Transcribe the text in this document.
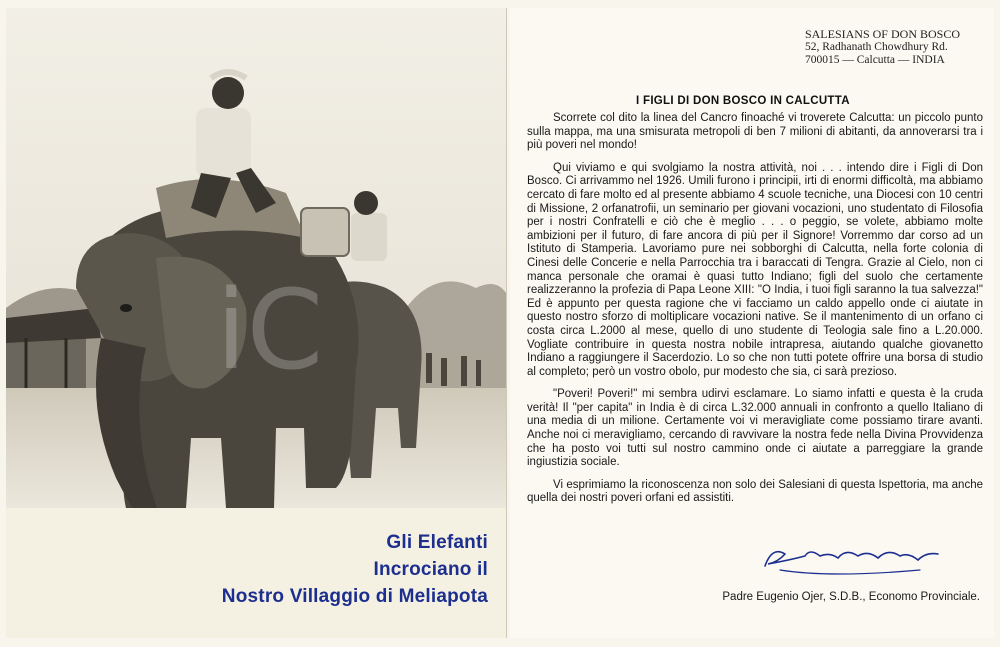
iC
Gli Elefanti
Incrociano il
Nostro Villaggio di Meliapota
SALESIANS OF DON BOSCO
52, Radhanath Chowdhury Rd.
700015 — Calcutta — INDIA
I FIGLI DI DON BOSCO IN CALCUTTA

Scorrete col dito la linea del Cancro finoaché vi troverete Calcutta: un piccolo punto sulla mappa, ma una smisurata metropoli di ben 7 milioni di abitanti, da annoverarsi tra i più poveri nel mondo!

Qui viviamo e qui svolgiamo la nostra attività, noi . . . intendo dire i Figli di Don Bosco. Ci arrivammo nel 1926. Umili furono i principii, irti di enormi difficoltà, ma abbiamo cercato di fare molto ed al presente abbiamo 4 scuole tecniche, una Diocesi con 10 centri di Missione, 2 orfanatrofii, un seminario per giovani vocazioni, uno studentato di Filosofia per i nostri Confratelli e ciò che è meglio . . . o peggio, se volete, abbiamo molte ambizioni per il futuro, di fare ancora di più per il Signore! Vorremmo dar corso ad un Istituto di Stamperia. Lavoriamo pure nei sobborghi di Calcutta, nella forte colonia di Cinesi delle Concerie e nella Parrocchia tra i baraccati di Tengra. Grazie al Cielo, non ci manca personale che oramai è quasi tutto Indiano; figli del suolo che certamente realizzeranno la profezia di Papa Leone XIII: "O India, i tuoi figli saranno la tua salvezza!" Ed è appunto per questa ragione che vi facciamo un caldo appello onde ci aiutate in questo nostro sforzo di moltiplicare vocazioni native. Se il mantenimento di un orfano ci costa circa L.2000 al mese, quello di uno studente di Teologia sale fino a L.20.000. Vogliate contribuire in questa nostra nobile intrapresa, aiutando qualche giovanetto Indiano a raggiungere il Sacerdozio. Lo so che non tutti potete offrire una borsa di studio al completo; però un vostro obolo, pur modesto che sia, ci sarà prezioso.

"Poveri! Poveri!" mi sembra udirvi esclamare. Lo siamo infatti e questa è la cruda verità! Il "per capita" in India è di circa L.32.000 annuali in confronto a quello Italiano di una media di un milione. Certamente voi vi meravigliate come possiamo tirare avanti. Anche noi ci meravigliamo, cercando di ravvivare la nostra fede nella Divina Provvidenza che ha posto voi tutti sul nostro cammino onde ci aiutate a parreggiare la grande ingiustizia sociale.

Vi esprimiamo la riconoscenza non solo dei Salesiani di questa Ispettoria, ma anche quella dei nostri poveri orfani ed assistiti.

Padre Eugenio Ojer, S.D.B., Economo Provinciale.
